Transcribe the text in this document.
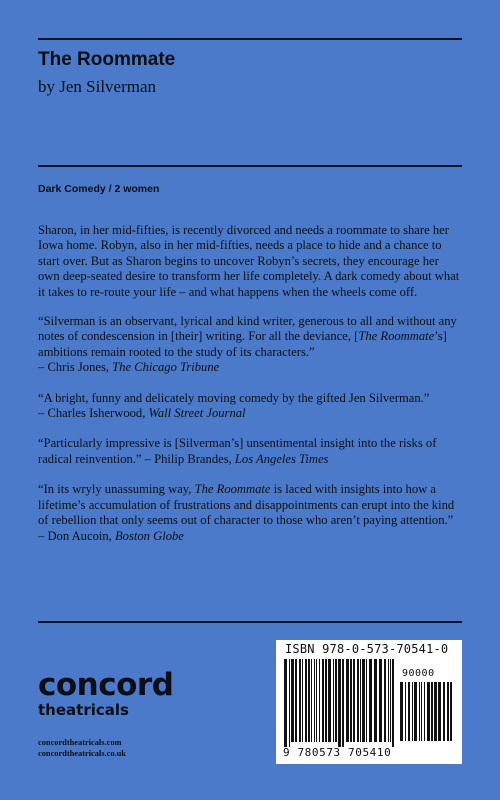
The Roommate
by Jen Silverman
Dark Comedy / 2 women

Sharon, in her mid-fifties, is recently divorced and needs a roommate to share her Iowa home. Robyn, also in her mid-fifties, needs a place to hide and a chance to start over. But as Sharon begins to uncover Robyn’s secrets, they encourage her own deep-seated desire to transform her life completely. A dark comedy about what it takes to re-route your life – and what happens when the wheels come off.

“Silverman is an observant, lyrical and kind writer, generous to all and without any notes of condescension in [their] writing. For all the deviance, [The Roommate’s] ambitions remain rooted to the study of its characters.”
– Chris Jones, The Chicago Tribune

“A bright, funny and delicately moving comedy by the gifted Jen Silverman.”
– Charles Isherwood, Wall Street Journal

“Particularly impressive is [Silverman’s] unsentimental insight into the risks of radical reinvention.” – Philip Brandes, Los Angeles Times

“In its wryly unassuming way, The Roommate is laced with insights into how a lifetime’s accumulation of frustrations and disappointments can erupt into the kind of rebellion that only seems out of character to those who aren’t paying attention.” – Don Aucoin, Boston Globe

concord
theatricals
concordtheatricals.com
concordtheatricals.co.uk
ISBN 978-0-573-70541-0
90000
9 780573 705410
